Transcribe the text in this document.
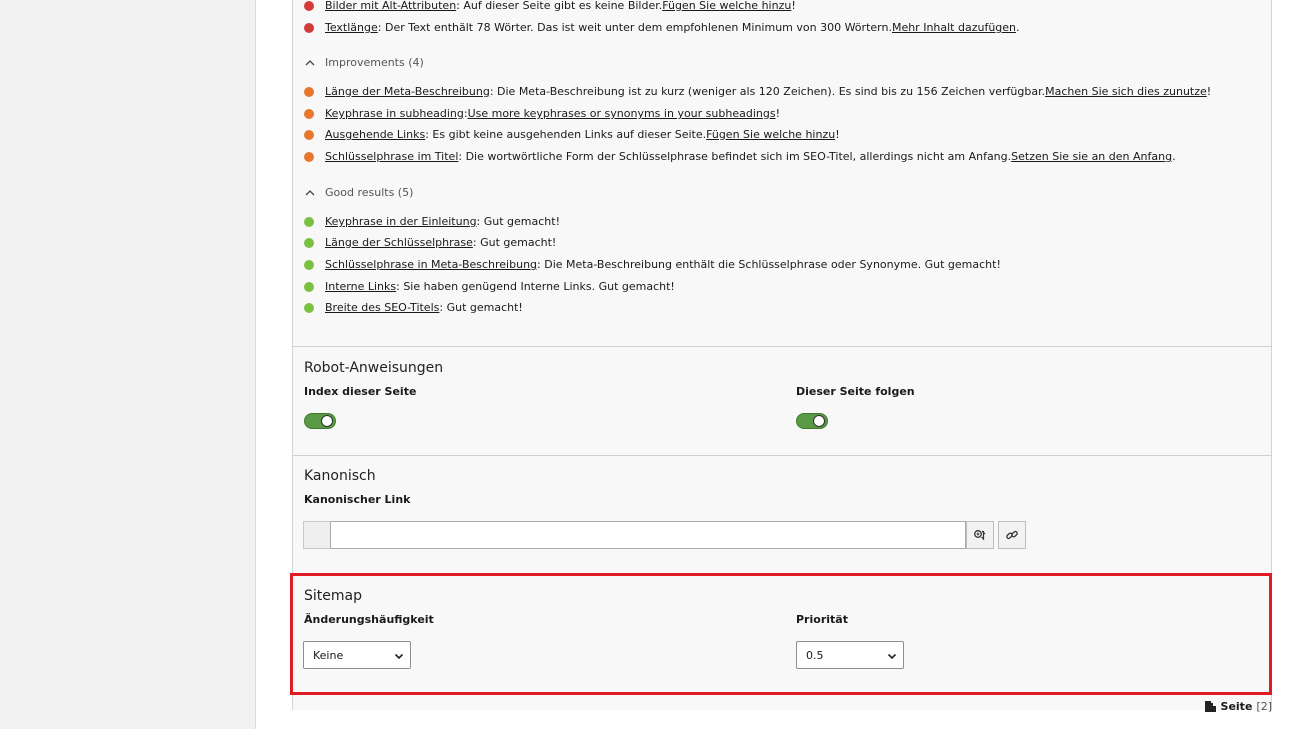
Bilder mit Alt-Attributen : Auf dieser Seite gibt es keine Bilder. Fügen Sie welche hinzu !
Textlänge : Der Text enthält 78 Wörter. Das ist weit unter dem empfohlenen Minimum von 300 Wörtern. Mehr Inhalt dazufügen .
Improvements (4)
Länge der Meta-Beschreibung : Die Meta-Beschreibung ist zu kurz (weniger als 120 Zeichen). Es sind bis zu 156 Zeichen verfügbar. Machen Sie sich dies zunutze !
Keyphrase in subheading : Use more keyphrases or synonyms in your subheadings !
Ausgehende Links : Es gibt keine ausgehenden Links auf dieser Seite. Fügen Sie welche hinzu !
Schlüsselphrase im Titel : Die wortwörtliche Form der Schlüsselphrase befindet sich im SEO-Titel, allerdings nicht am Anfang. Setzen Sie sie an den Anfang .
Good results (5)
Keyphrase in der Einleitung : Gut gemacht!
Länge der Schlüsselphrase : Gut gemacht!
Schlüsselphrase in Meta-Beschreibung : Die Meta-Beschreibung enthält die Schlüsselphrase oder Synonyme. Gut gemacht!
Interne Links : Sie haben genügend Interne Links. Gut gemacht!
Breite des SEO-Titels : Gut gemacht!
Robot-Anweisungen
Index dieser Seite	Dieser Seite folgen
Kanonisch
Kanonischer Link
Sitemap
Änderungshäufigkeit	Priorität
Keine	0.5
Seite [2]
